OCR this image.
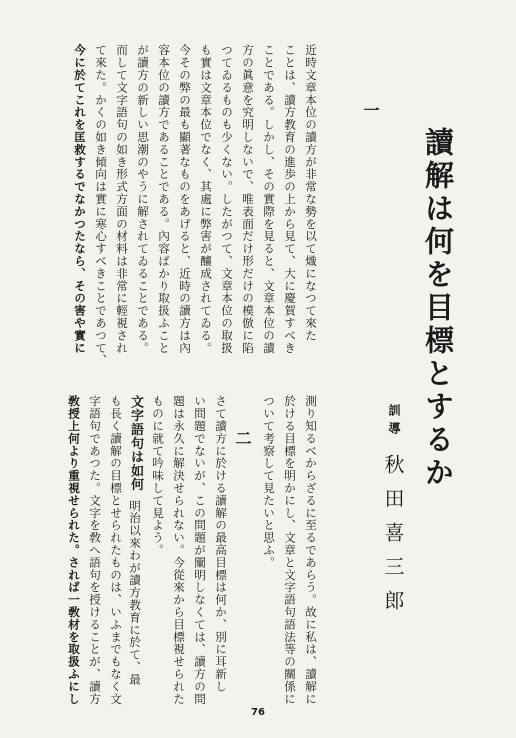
讀解は何を目標とするか
訓導
秋田喜三郎
一
近時文章本位の讀方が非常な勢を以て熾になつて來た
ことは、讀方教育の進歩の上から見て、大に慶賀すべき
ことである。しかし、その實際を見ると、文章本位の讀
方の眞意を究明しないで、唯表面だけ形だけの模倣に陷
つてゐるものも少くない。したがつて、文章本位の取扱
も實は文章本位でなく、其處に弊害が釀成されてゐる。
今その弊の最も顯著なものをあげると、近時の讀方は內
容本位の讀方であることである。內容ばかり取扱ふこと
が讀方の新しい思潮のやうに解されてゐることである。
而して文字語句の如き形式方面の材料は非常に輕視され
て來た。かくの如き傾向は實に寒心すべきことであつて、
今に於てこれを匡救するでなかつたなら、その害や實に
測り知るべからざるに至るであらう。故に私は、讀解に
於ける目標を明かにし、文章と文字語句語法等の關係に
ついて考察して見たいと思ふ。
二
さて讀方に於ける讀解の最高目標は何か、別に耳新し
い問題でないが、この問題が闡明しなくては、讀方の問
題は永久に解決せられない。今從來から目標視せられた
ものに就て吟味して見よう。
文字語句は如何明治以來わが讀方教育に於て、最
も長く讀解の目標とせられたものは、いふまでもなく文
字語句であつた。文字を敎へ語句を授けることが、讀方
敎授上何より重視せられた。されば一敎材を取扱ふにし
76
